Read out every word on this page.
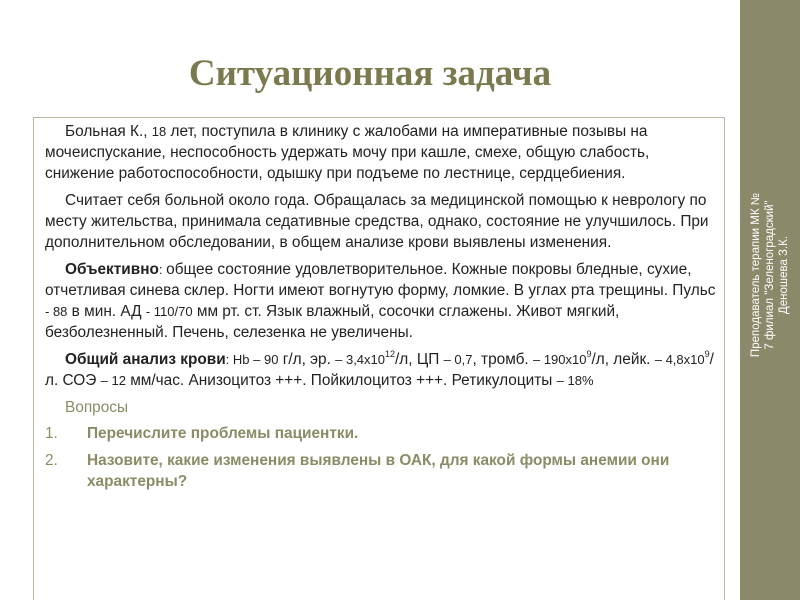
Преподаватель терапии МК № 7 филиал "Зеленоградский" Деношева З.К.
Ситуационная задача

Больная К., 18 лет, поступила в клинику с жалобами на императивные позывы на мочеиспускание, неспособность удержать мочу при кашле, смехе, общую слабость, снижение работоспособности, одышку при подъеме по лестнице, сердцебиения.

Считает себя больной около года. Обращалась за медицинской помощью к неврологу по месту жительства, принимала седативные средства, однако, состояние не улучшилось. При дополнительном обследовании, в общем анализе крови выявлены изменения.

Объективно: общее состояние удовлетворительное. Кожные покровы бледные, сухие, отчетливая синева склер. Ногти имеют вогнутую форму, ломкие. В углах рта трещины. Пульс - 88 в мин. АД - 110/70 мм рт. ст. Язык влажный, сосочки сглажены. Живот мягкий, безболезненный. Печень, селезенка не увеличены.

Общий анализ крови: Hb – 90 г/л, эр. – $3,4х10^{12}/л$, ЦП – 0,7, тромб. – $190х10^9/л$, лейк. – $4,8х10^9/л$. СОЭ – 12 мм/час. Анизоцитоз +++. Пойкилоцитоз +++. Ретикулоциты – 18%

Вопросы

1.	Перечислите проблемы пациентки.
2.	Назовите, какие изменения выявлены в ОАК, для какой формы анемии они характерны?
